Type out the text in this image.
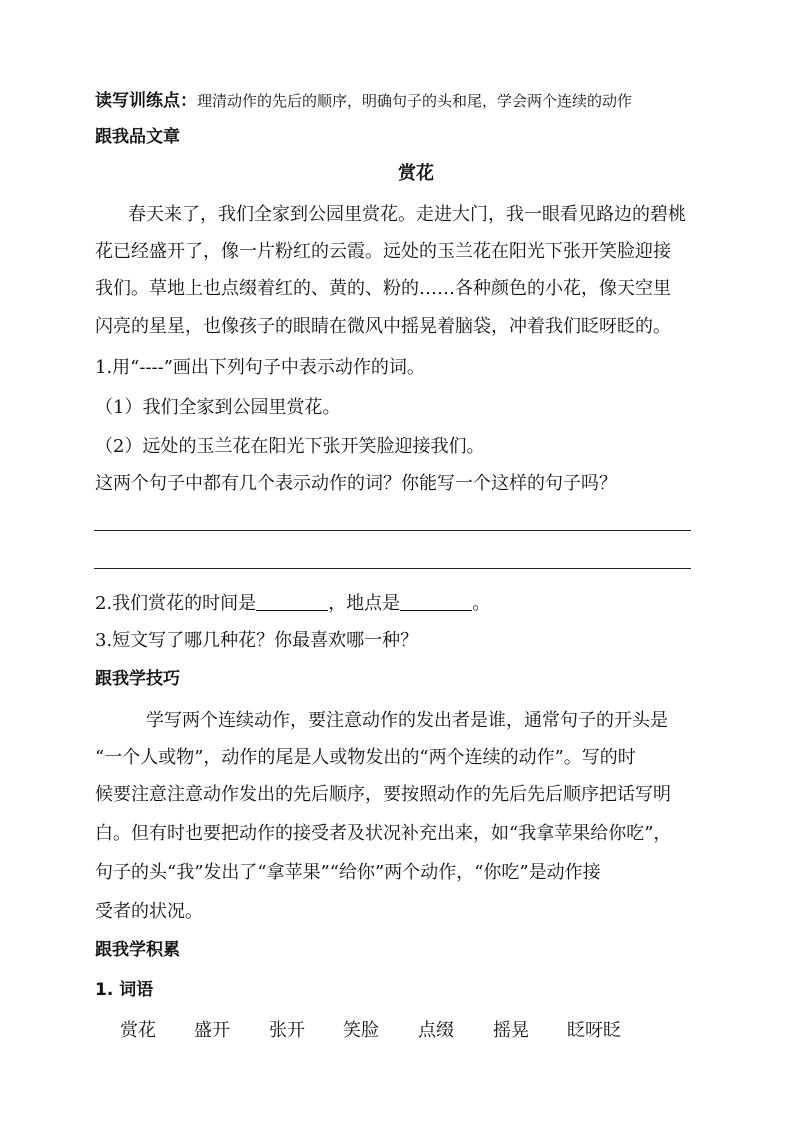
读写训练点：理清动作的先后的顺序，明确句子的头和尾，学会两个连续的动作
跟我品文章
赏花
春天来了，我们全家到公园里赏花。走进大门，我一眼看见路边的碧桃
花已经盛开了，像一片粉红的云霞。远处的玉兰花在阳光下张开笑脸迎接
我们。草地上也点缀着红的、黄的、粉的……各种颜色的小花，像天空里
闪亮的星星，也像孩子的眼睛在微风中摇晃着脑袋，冲着我们眨呀眨的。
1.用“----”画出下列句子中表示动作的词。
（1）我们全家到公园里赏花。
（2）远处的玉兰花在阳光下张开笑脸迎接我们。
这两个句子中都有几个表示动作的词？你能写一个这样的句子吗？
2.我们赏花的时间是	，地点是	。
3.短文写了哪几种花？你最喜欢哪一种？
跟我学技巧
学写两个连续动作，要注意动作的发出者是谁，通常句子的开头是
“一个人或物”，动作的尾是人或物发出的“两个连续的动作”。写的时
候要注意注意动作发出的先后顺序，要按照动作的先后先后顺序把话写明
白。但有时也要把动作的接受者及状况补充出来，如“我拿苹果给你吃”，
句子的头“我”发出了“拿苹果”“给你”两个动作，“你吃”是动作接
受者的状况。
跟我学积累
1. 词语
赏花 盛开 张开 笑脸 点缀 摇晃 眨呀眨
